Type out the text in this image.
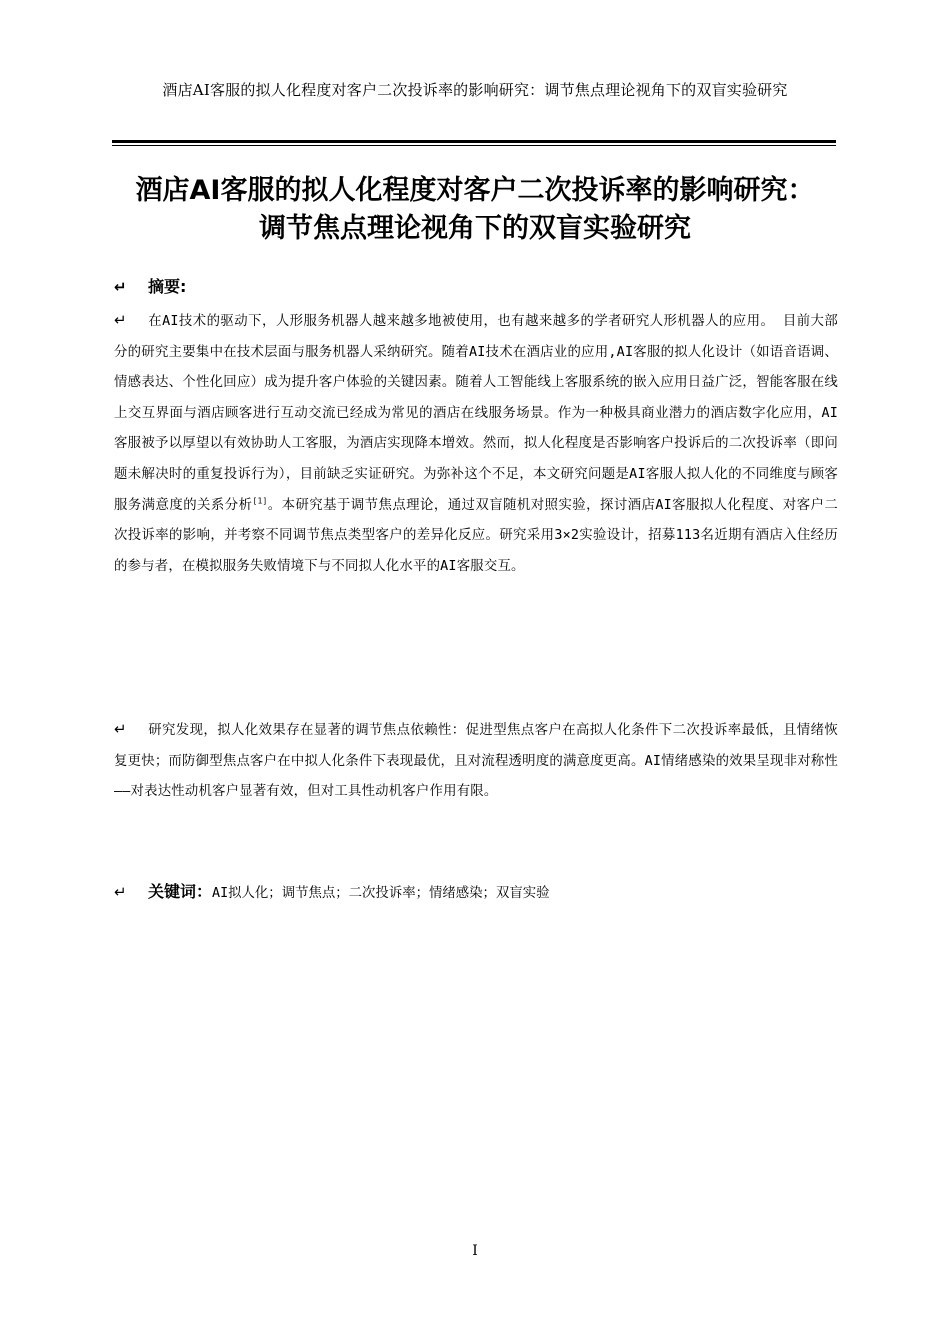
酒店AI客服的拟人化程度对客户二次投诉率的影响研究：调节焦点理论视角下的双盲实验研究
酒店AI客服的拟人化程度对客户二次投诉率的影响研究：调节焦点理论视角下的双盲实验研究
↵ 摘要:
↵ 在AI技术的驱动下，人形服务机器人越来越多地被使用，也有越来越多的学者研究人形机器人的应用。 目前大部分的研究主要集中在技术层面与服务机器人采纳研究。随着AI技术在酒店业的应用,AI客服的拟人化设计（如语音语调、情感表达、个性化回应）成为提升客户体验的关键因素。随着人工智能线上客服系统的嵌入应用日益广泛，智能客服在线上交互界面与酒店顾客进行互动交流已经成为常见的酒店在线服务场景。作为一种极具商业潜力的酒店数字化应用，AI 客服被予以厚望以有效协助人工客服，为酒店实现降本增效。然而，拟人化程度是否影响客户投诉后的二次投诉率（即问题未解决时的重复投诉行为），目前缺乏实证研究。为弥补这个不足，本文研究问题是AI客服人拟人化的不同维度与顾客服务满意度的关系分析[1]。本研究基于调节焦点理论，通过双盲随机对照实验，探讨酒店AI客服拟人化程度、对客户二次投诉率的影响，并考察不同调节焦点类型客户的差异化反应。研究采用3×2实验设计，招募113名近期有酒店入住经历的参与者，在模拟服务失败情境下与不同拟人化水平的AI客服交互。
↵ 研究发现，拟人化效果存在显著的调节焦点依赖性：促进型焦点客户在高拟人化条件下二次投诉率最低，且情绪恢复更快；而防御型焦点客户在中拟人化条件下表现最优，且对流程透明度的满意度更高。AI情绪感染的效果呈现非对称性——对表达性动机客户显著有效，但对工具性动机客户作用有限。
↵ 关键词：AI拟人化；调节焦点；二次投诉率；情绪感染；双盲实验
I
